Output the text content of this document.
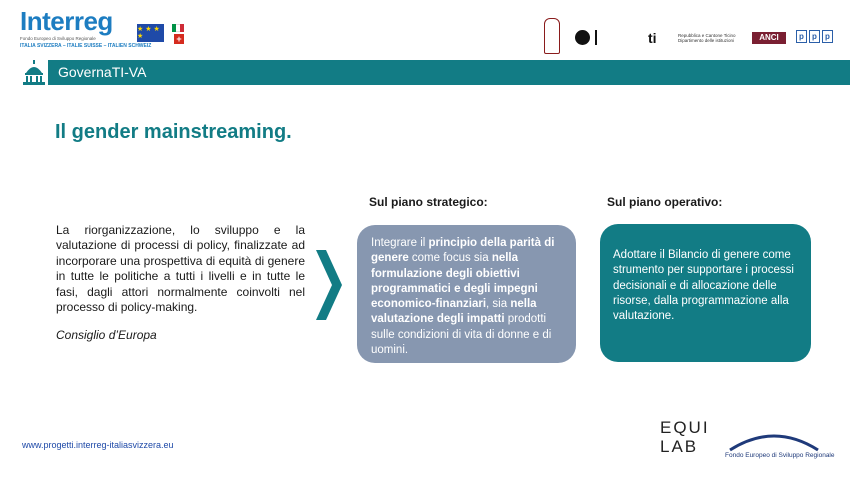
Interreg
Fondo Europeo di Sviluppo Regionale
ITALIA SVIZZERA – ITALIE SUISSE – ITALIEN SCHWEIZ
★ ★ ★ ★	+	ti	Repubblica e Cantone Ticino
Dipartimento delle istituzioni	ANCI	p	p	p
GovernaTI-VA
Il gender mainstreaming.
La riorganizzazione, lo sviluppo e la valutazione di processi di policy, finalizzate ad incorporare una prospettiva di equità di genere in tutte le politiche a tutti i livelli e in tutte le fasi, dagli attori normalmente coinvolti nel processo di policy-making.
Consiglio d’Europa
Sul piano strategico:	Sul piano operativo:
Integrare il principio della parità di genere come focus sia nella formulazione degli obiettivi programmatici e degli impegni economico-finanziari, sia nella valutazione degli impatti prodotti sulle condizioni di vita di donne e di uomini.
Adottare il Bilancio di genere come strumento per supportare i processi decisionali e di allocazione delle risorse, dalla programmazione alla valutazione.
www.progetti.interreg-italiasvizzera.eu
EQUI
LAB	Fondo Europeo di Sviluppo Regionale
